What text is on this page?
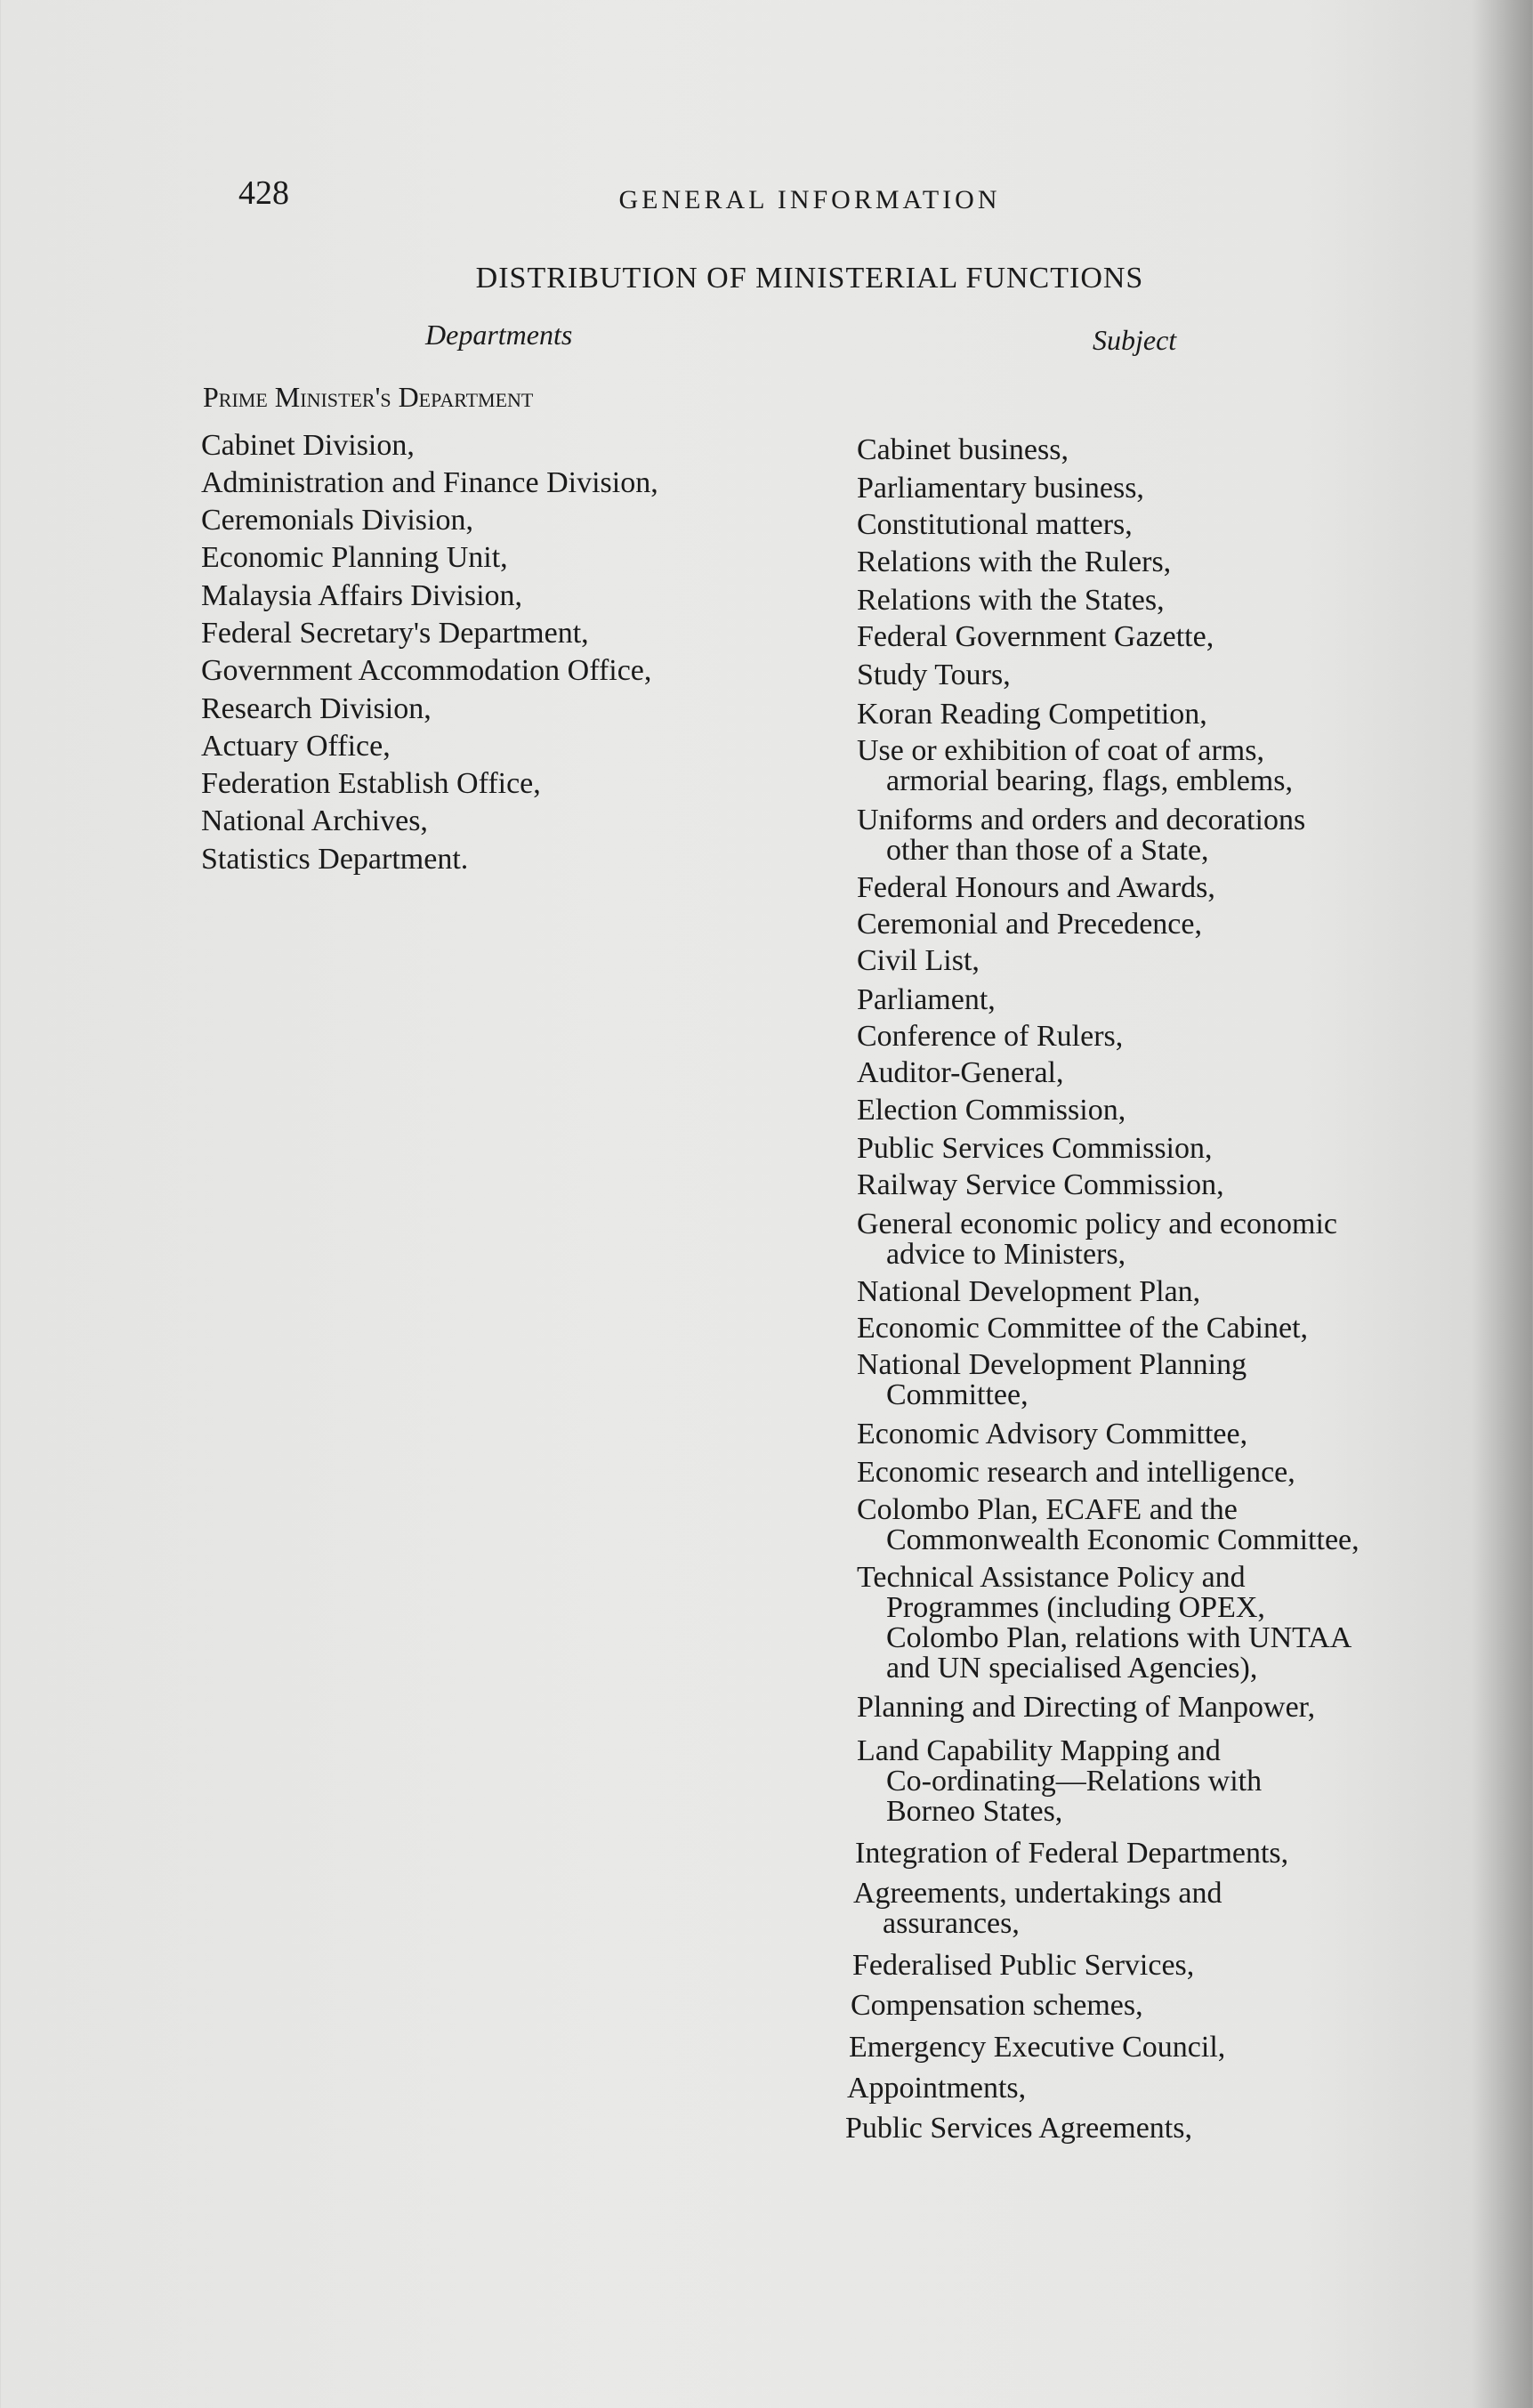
428	GENERAL INFORMATION
DISTRIBUTION OF MINISTERIAL FUNCTIONS
Departments	Subject
Prime Minister's Department
Cabinet Division,
Administration and Finance Division,
Ceremonials Division,
Economic Planning Unit,
Malaysia Affairs Division,
Federal Secretary's Department,
Government Accommodation Office,
Research Division,
Actuary Office,
Federation Establish Office,
National Archives,
Statistics Department.
Cabinet business,
Parliamentary business,
Constitutional matters,
Relations with the Rulers,
Relations with the States,
Federal Government Gazette,
Study Tours,
Koran Reading Competition,
Use or exhibition of coat of arms,
armorial bearing, flags, emblems,
Uniforms and orders and decorations
other than those of a State,
Federal Honours and Awards,
Ceremonial and Precedence,
Civil List,
Parliament,
Conference of Rulers,
Auditor-General,
Election Commission,
Public Services Commission,
Railway Service Commission,
General economic policy and economic
advice to Ministers,
National Development Plan,
Economic Committee of the Cabinet,
National Development Planning
Committee,
Economic Advisory Committee,
Economic research and intelligence,
Colombo Plan, ECAFE and the
Commonwealth Economic Committee,
Technical Assistance Policy and
Programmes (including OPEX,
Colombo Plan, relations with UNTAA
and UN specialised Agencies),
Planning and Directing of Manpower,
Land Capability Mapping and
Co-ordinating—Relations with
Borneo States,
Integration of Federal Departments,
Agreements, undertakings and
assurances,
Federalised Public Services,
Compensation schemes,
Emergency Executive Council,
Appointments,
Public Services Agreements,
